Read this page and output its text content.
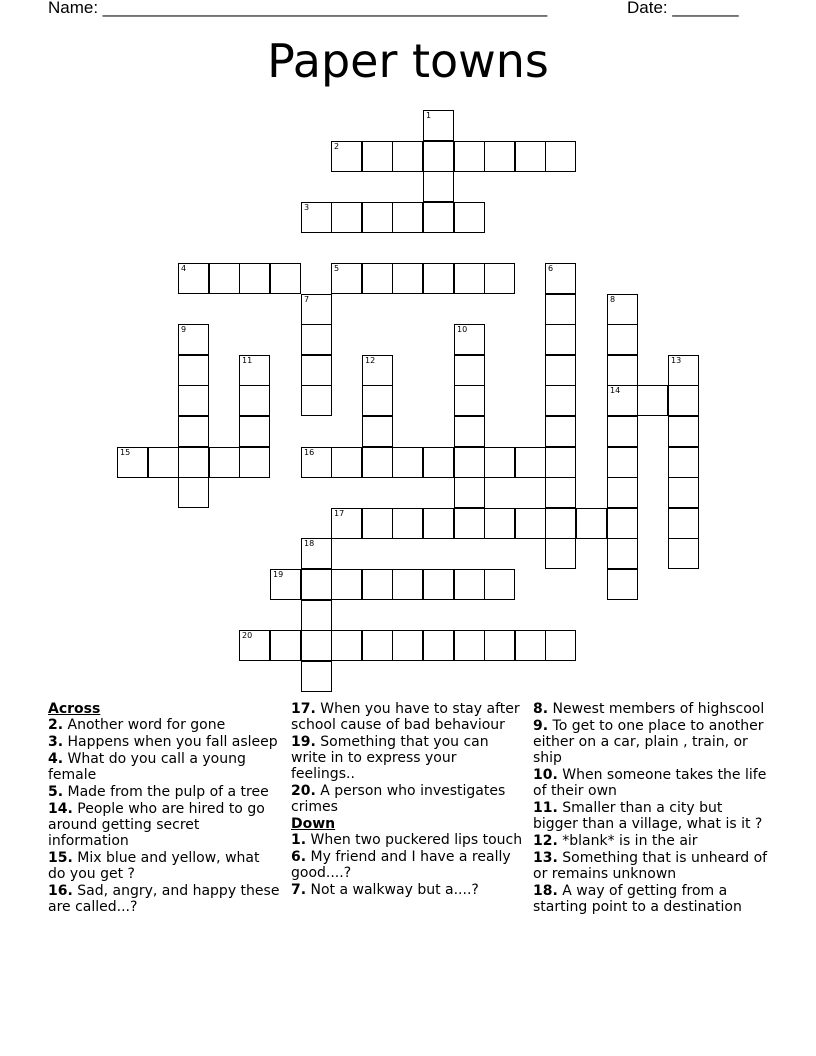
Name: _______________________________________________	Date: _______
Paper towns
1
2
3
4	5	6
7	8
9	10
11	12	13
14
15	16
17
18
19
20
Across
2. Another word for gone
3. Happens when you fall asleep
4. What do you call a young female
5. Made from the pulp of a tree
14. People who are hired to go around getting secret information
15. Mix blue and yellow, what do you get ?
16. Sad, angry, and happy these are called...?
17. When you have to stay after school cause of bad behaviour
19. Something that you can write in to express your feelings..
20. A person who investigates crimes
Down
1. When two puckered lips touch
6. My friend and I have a really good....?
7. Not a walkway but a....?
8. Newest members of highscool
9. To get to one place to another either on a car, plain , train, or ship
10. When someone takes the life of their own
11. Smaller than a city but bigger than a village, what is it ?
12. *blank* is in the air
13. Something that is unheard of or remains unknown
18. A way of getting from a starting point to a destination
